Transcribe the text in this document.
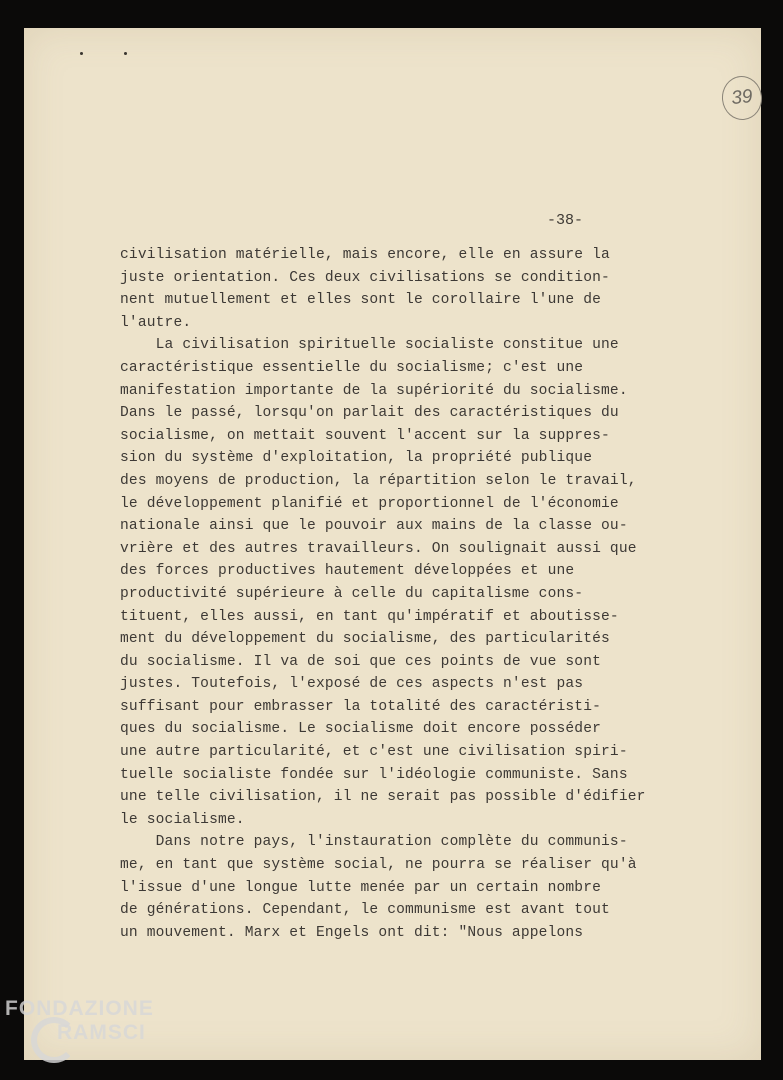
39
-38-
civilisation matérielle, mais encore, elle en assure la
juste orientation. Ces deux civilisations se condition-
nent mutuellement et elles sont le corollaire l'une de
l'autre.
La civilisation spirituelle socialiste constitue une
caractéristique essentielle du socialisme; c'est une
manifestation importante de la supériorité du socialisme.
Dans le passé, lorsqu'on parlait des caractéristiques du
socialisme, on mettait souvent l'accent sur la suppres-
sion du système d'exploitation, la propriété publique
des moyens de production, la répartition selon le travail,
le développement planifié et proportionnel de l'économie
nationale ainsi que le pouvoir aux mains de la classe ou-
vrière et des autres travailleurs. On soulignait aussi que
des forces productives hautement développées et une
productivité supérieure à celle du capitalisme cons-
tituent, elles aussi, en tant qu'impératif et aboutisse-
ment du développement du socialisme, des particularités
du socialisme. Il va de soi que ces points de vue sont
justes. Toutefois, l'exposé de ces aspects n'est pas
suffisant pour embrasser la totalité des caractéristi-
ques du socialisme. Le socialisme doit encore posséder
une autre particularité, et c'est une civilisation spiri-
tuelle socialiste fondée sur l'idéologie communiste. Sans
une telle civilisation, il ne serait pas possible d'édifier
le socialisme.
Dans notre pays, l'instauration complète du communis-
me, en tant que système social, ne pourra se réaliser qu'à
l'issue d'une longue lutte menée par un certain nombre
de générations. Cependant, le communisme est avant tout
un mouvement. Marx et Engels ont dit: "Nous appelons
FONDAZIONE
RAMSCI
